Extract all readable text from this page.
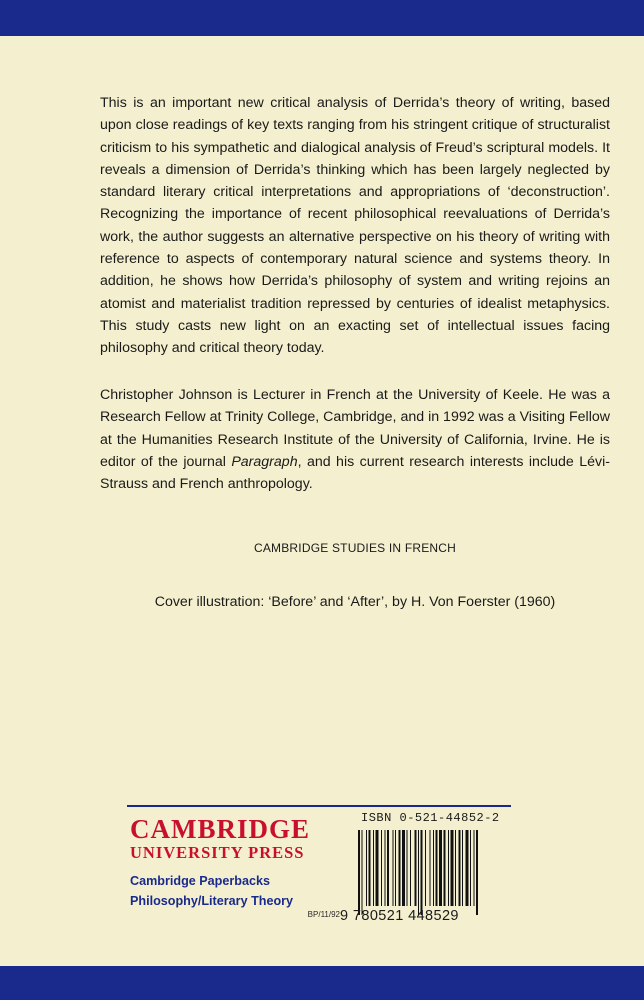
This is an important new critical analysis of Derrida’s theory of writing, based upon close readings of key texts ranging from his stringent critique of structuralist criticism to his sympathetic and dialogical analysis of Freud’s scriptural models. It reveals a dimension of Derrida’s thinking which has been largely neglected by standard literary critical interpretations and appropriations of ‘deconstruction’. Recognizing the importance of recent philosophical reevaluations of Derrida’s work, the author suggests an alternative perspective on his theory of writing with reference to aspects of contemporary natural science and systems theory. In addition, he shows how Derrida’s philosophy of system and writing rejoins an atomist and materialist tradition repressed by centuries of idealist metaphysics. This study casts new light on an exacting set of intellectual issues facing philosophy and critical theory today.

Christopher Johnson is Lecturer in French at the University of Keele. He was a Research Fellow at Trinity College, Cambridge, and in 1992 was a Visiting Fellow at the Humanities Research Institute of the University of California, Irvine. He is editor of the journal Paragraph, and his current research interests include Lévi-Strauss and French anthropology.

CAMBRIDGE STUDIES IN FRENCH
Cover illustration: ‘Before’ and ‘After’, by H. Von Foerster (1960)
CAMBRIDGE
UNIVERSITY PRESS
Cambridge Paperbacks
Philosophy/Literary Theory
BP/11/92
ISBN 0-521-44852-2
9 780521 448529
